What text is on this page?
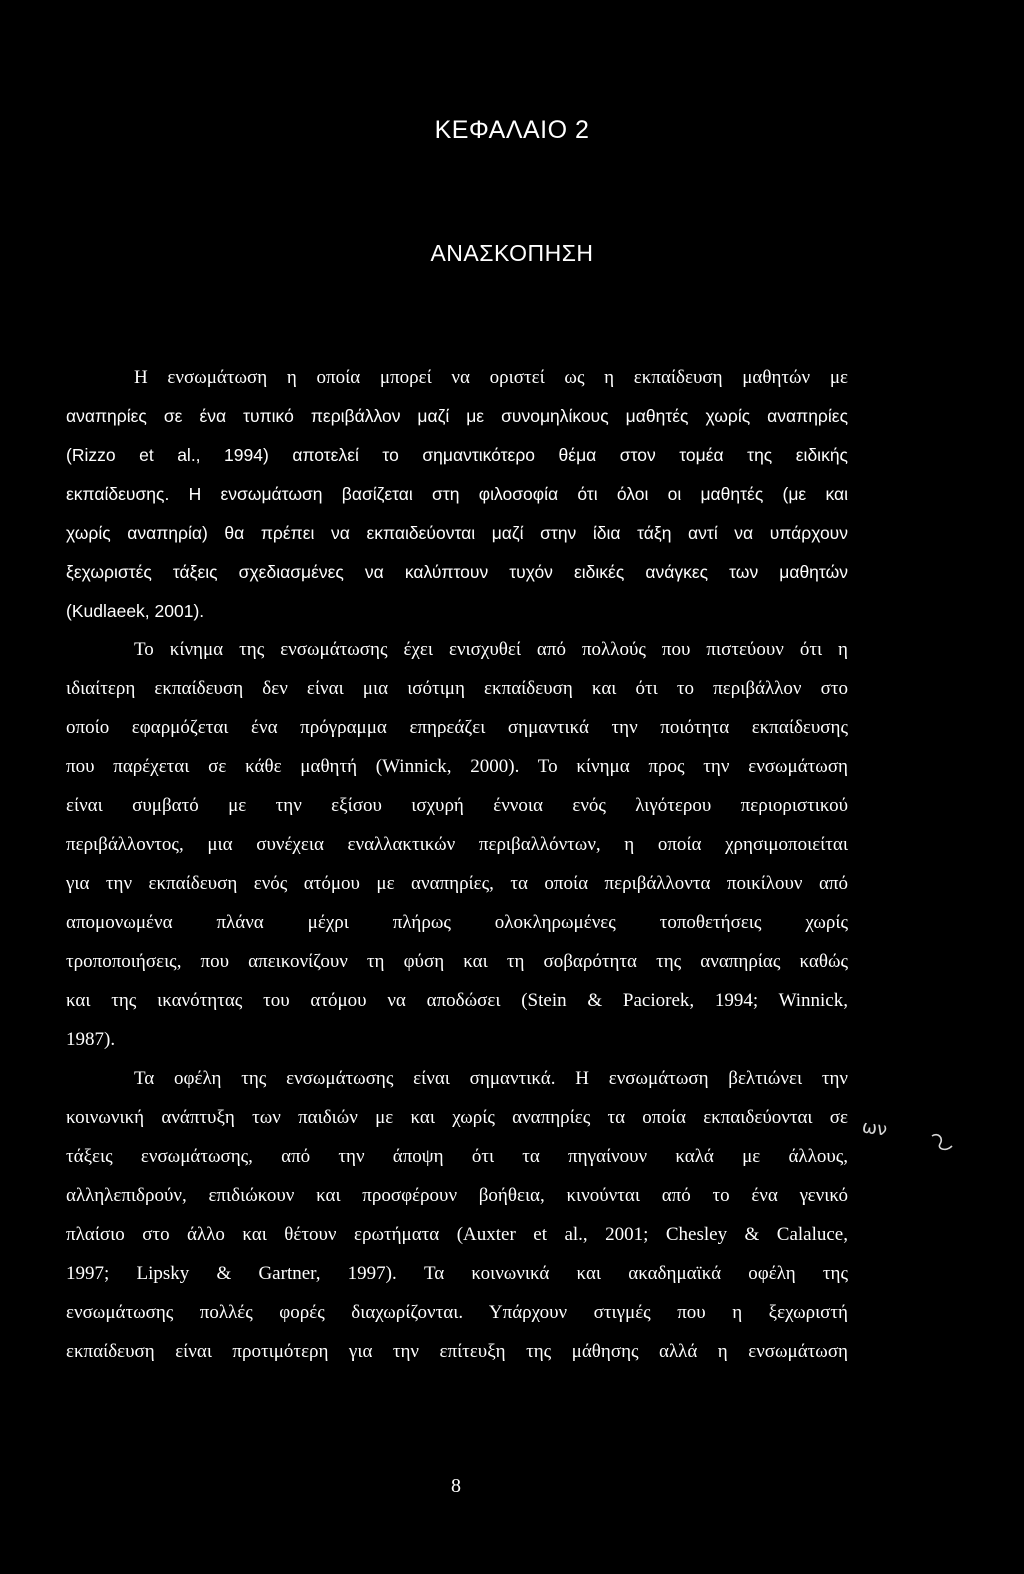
ΚΕΦΑΛΑΙΟ 2
ΑΝΑΣΚΟΠΗΣΗ
Η ενσωμάτωση η οποία μπορεί να οριστεί ως η εκπαίδευση μαθητών με
αναπηρίες σε ένα τυπικό περιβάλλον μαζί με συνομηλίκους μαθητές χωρίς αναπηρίες
(Rizzo et al., 1994) αποτελεί το σημαντικότερο θέμα στον τομέα της ειδικής
εκπαίδευσης. Η ενσωμάτωση βασίζεται στη φιλοσοφία ότι όλοι οι μαθητές (με και
χωρίς αναπηρία) θα πρέπει να εκπαιδεύονται μαζί στην ίδια τάξη αντί να υπάρχουν
ξεχωριστές τάξεις σχεδιασμένες να καλύπτουν τυχόν ειδικές ανάγκες των μαθητών
(Kudlaeek, 2001).
Το κίνημα της ενσωμάτωσης έχει ενισχυθεί από πολλούς που πιστεύουν ότι η
ιδιαίτερη εκπαίδευση δεν είναι μια ισότιμη εκπαίδευση και ότι το περιβάλλον στο
οποίο εφαρμόζεται ένα πρόγραμμα επηρεάζει σημαντικά την ποιότητα εκπαίδευσης
που παρέχεται σε κάθε μαθητή (Winnick, 2000). Το κίνημα προς την ενσωμάτωση
είναι συμβατό με την εξίσου ισχυρή έννοια ενός λιγότερου περιοριστικού
περιβάλλοντος, μια συνέχεια εναλλακτικών περιβαλλόντων, η οποία χρησιμοποιείται
για την εκπαίδευση ενός ατόμου με αναπηρίες, τα οποία περιβάλλοντα ποικίλουν από
απομονωμένα πλάνα μέχρι πλήρως ολοκληρωμένες τοποθετήσεις χωρίς
τροποποιήσεις, που απεικονίζουν τη φύση και τη σοβαρότητα της αναπηρίας καθώς
και της ικανότητας του ατόμου να αποδώσει (Stein & Paciorek, 1994; Winnick,
1987).
Τα οφέλη της ενσωμάτωσης είναι σημαντικά. Η ενσωμάτωση βελτιώνει την
κοινωνική ανάπτυξη των παιδιών με και χωρίς αναπηρίες τα οποία εκπαιδεύονται σε
τάξεις ενσωμάτωσης, από την άποψη ότι τα πηγαίνουν καλά με άλλους,
αλληλεπιδρούν, επιδιώκουν και προσφέρουν βοήθεια, κινούνται από το ένα γενικό
πλαίσιο στο άλλο και θέτουν ερωτήματα (Auxter et al., 2001; Chesley & Calaluce,
1997; Lipsky & Gartner, 1997). Τα κοινωνικά και ακαδημαϊκά οφέλη της
ενσωμάτωσης πολλές φορές διαχωρίζονται. Υπάρχουν στιγμές που η ξεχωριστή
εκπαίδευση είναι προτιμότερη για την επίτευξη της μάθησης αλλά η ενσωμάτωση
ων
8
